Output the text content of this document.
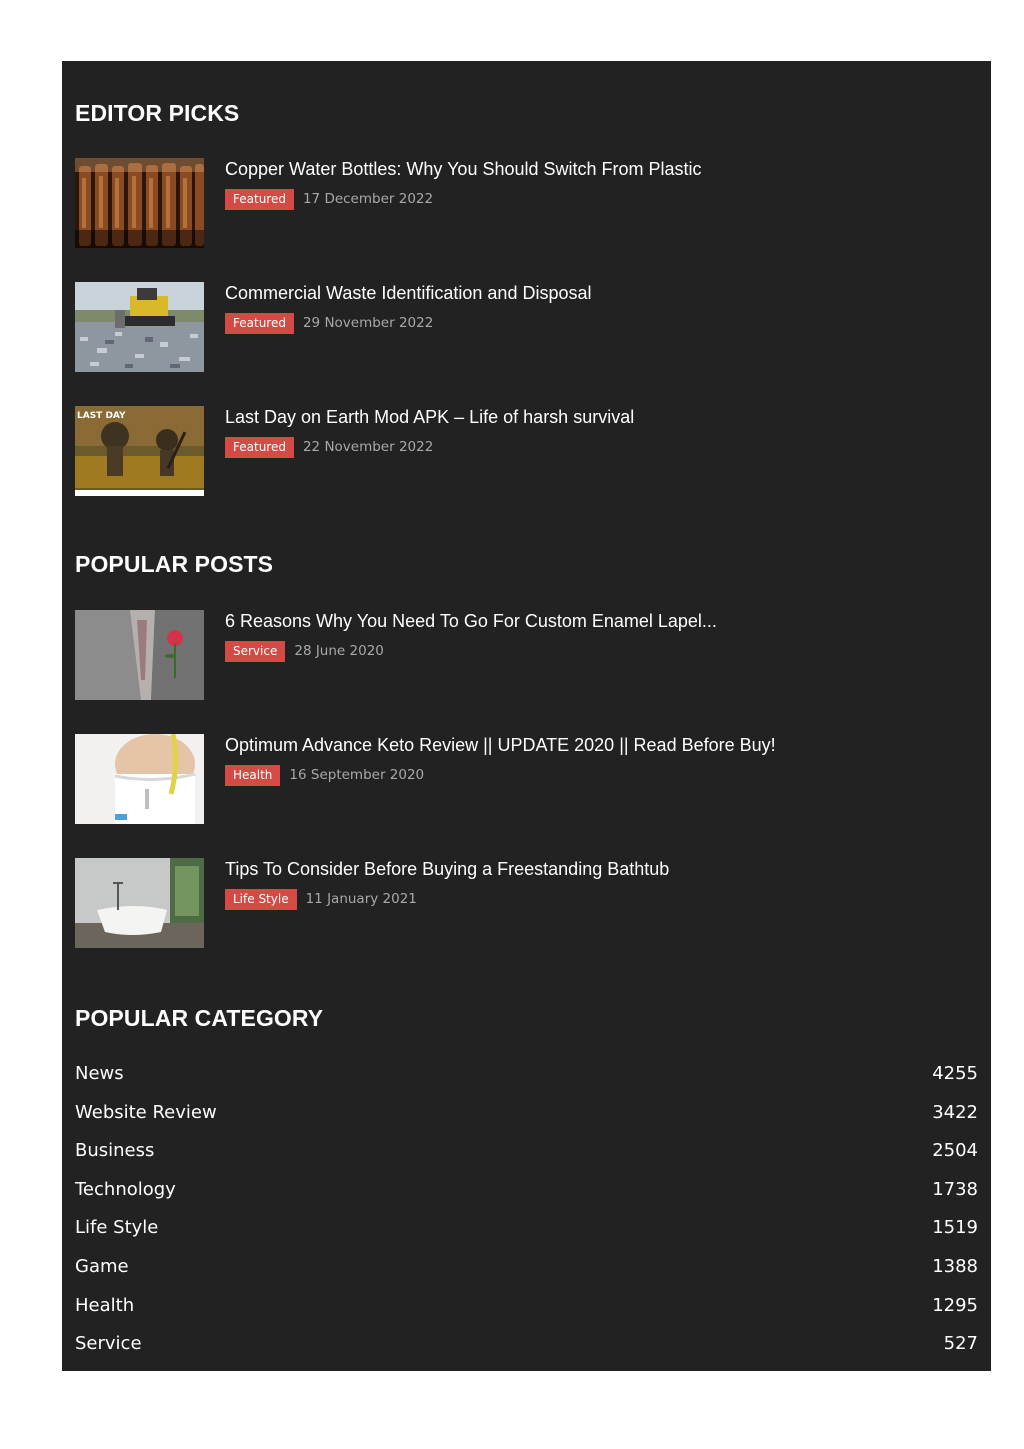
EDITOR PICKS
Copper Water Bottles: Why You Should Switch From Plastic
Featured	17 December 2022
Commercial Waste Identification and Disposal
Featured	29 November 2022
LAST DAY	Last Day on Earth Mod APK – Life of harsh survival
Featured	22 November 2022
POPULAR POSTS
6 Reasons Why You Need To Go For Custom Enamel Lapel...
Service	28 June 2020
Optimum Advance Keto Review || UPDATE 2020 || Read Before Buy!
Health	16 September 2020
Tips To Consider Before Buying a Freestanding Bathtub
Life Style	11 January 2021
POPULAR CATEGORY
News	4255
Website Review	3422
Business	2504
Technology	1738
Life Style	1519
Game	1388
Health	1295
Service	527
